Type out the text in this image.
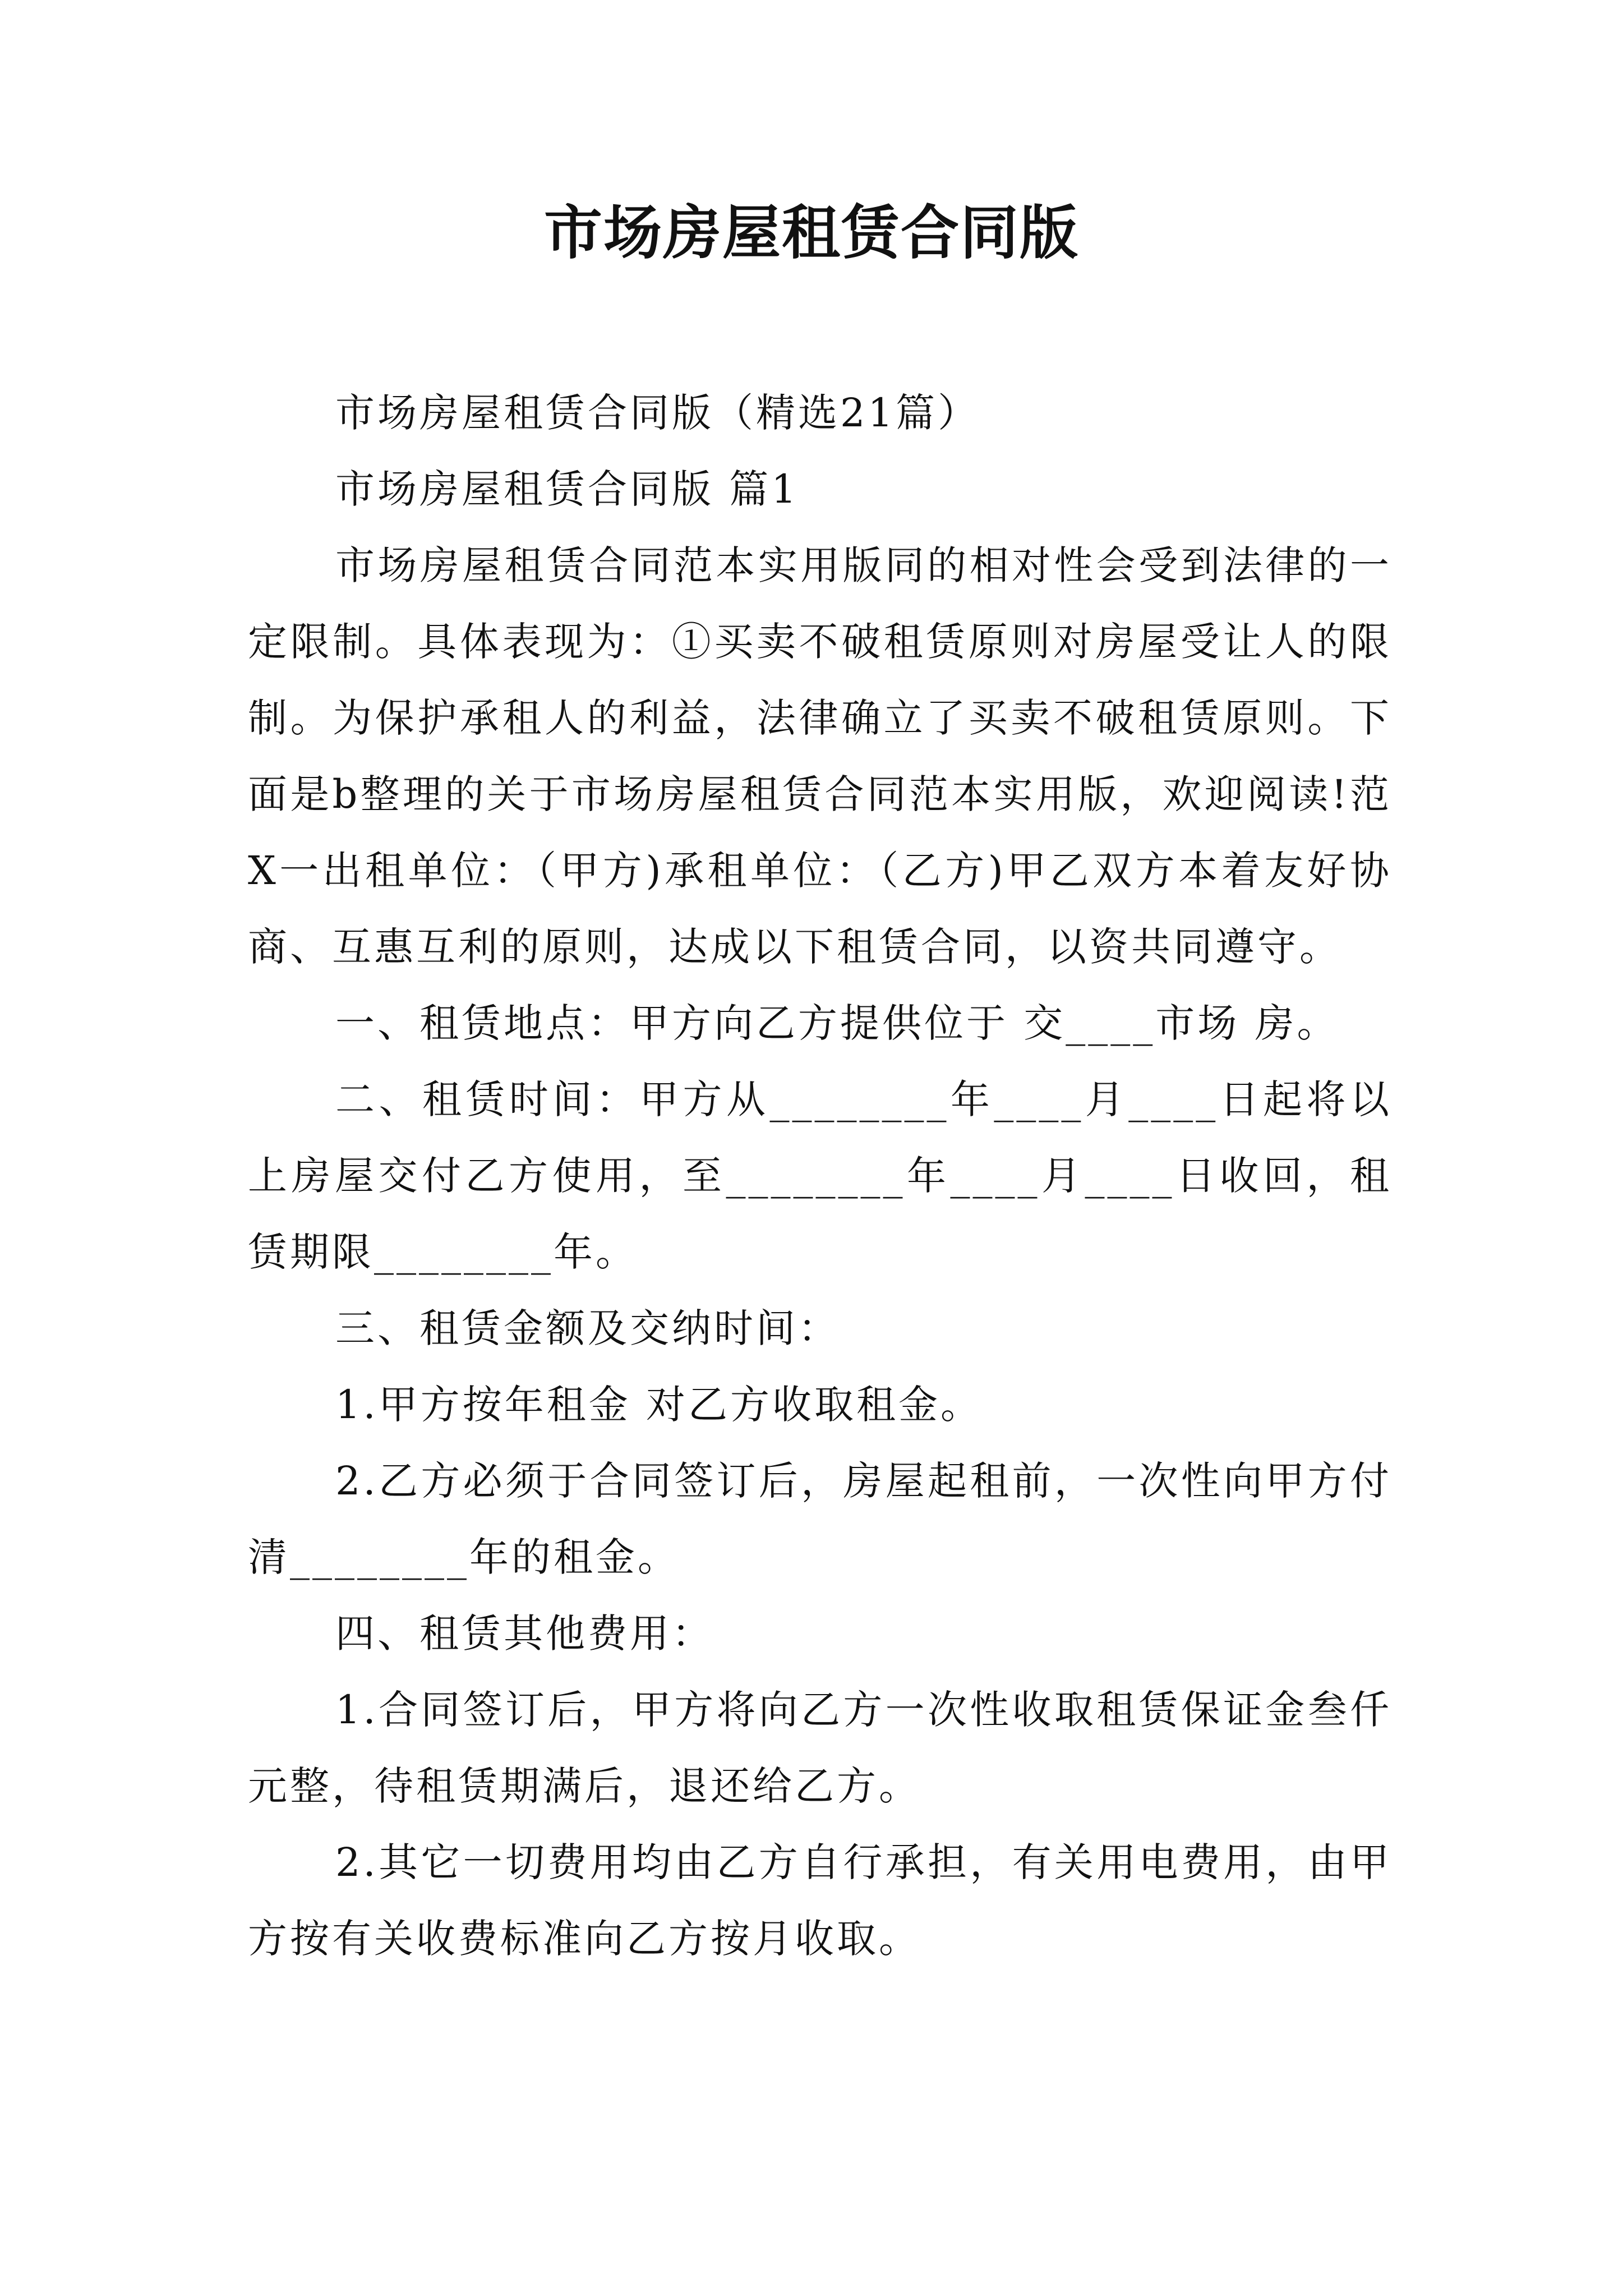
市场房屋租赁合同版

市场房屋租赁合同版（精选21篇）

市场房屋租赁合同版 篇1

市场房屋租赁合同范本实用版同的相对性会受到法律的一定限制。具体表现为：①买卖不破租赁原则对房屋受让人的限制。为保护承租人的利益，法律确立了买卖不破租赁原则。下面是b整理的关于市场房屋租赁合同范本实用版，欢迎阅读!范X一出租单位：（甲方)承租单位：（乙方)甲乙双方本着友好协商、互惠互利的原则，达成以下租赁合同，以资共同遵守。

一、租赁地点：甲方向乙方提供位于 交____市场 房。

二、租赁时间：甲方从________年____月____日起将以上房屋交付乙方使用，至________年____月____日收回，租赁期限________年。

三、租赁金额及交纳时间：

1.甲方按年租金 对乙方收取租金。

2.乙方必须于合同签订后，房屋起租前，一次性向甲方付清________年的租金。

四、租赁其他费用：

1.合同签订后，甲方将向乙方一次性收取租赁保证金叁仟元整，待租赁期满后，退还给乙方。

2.其它一切费用均由乙方自行承担，有关用电费用，由甲方按有关收费标准向乙方按月收取。
